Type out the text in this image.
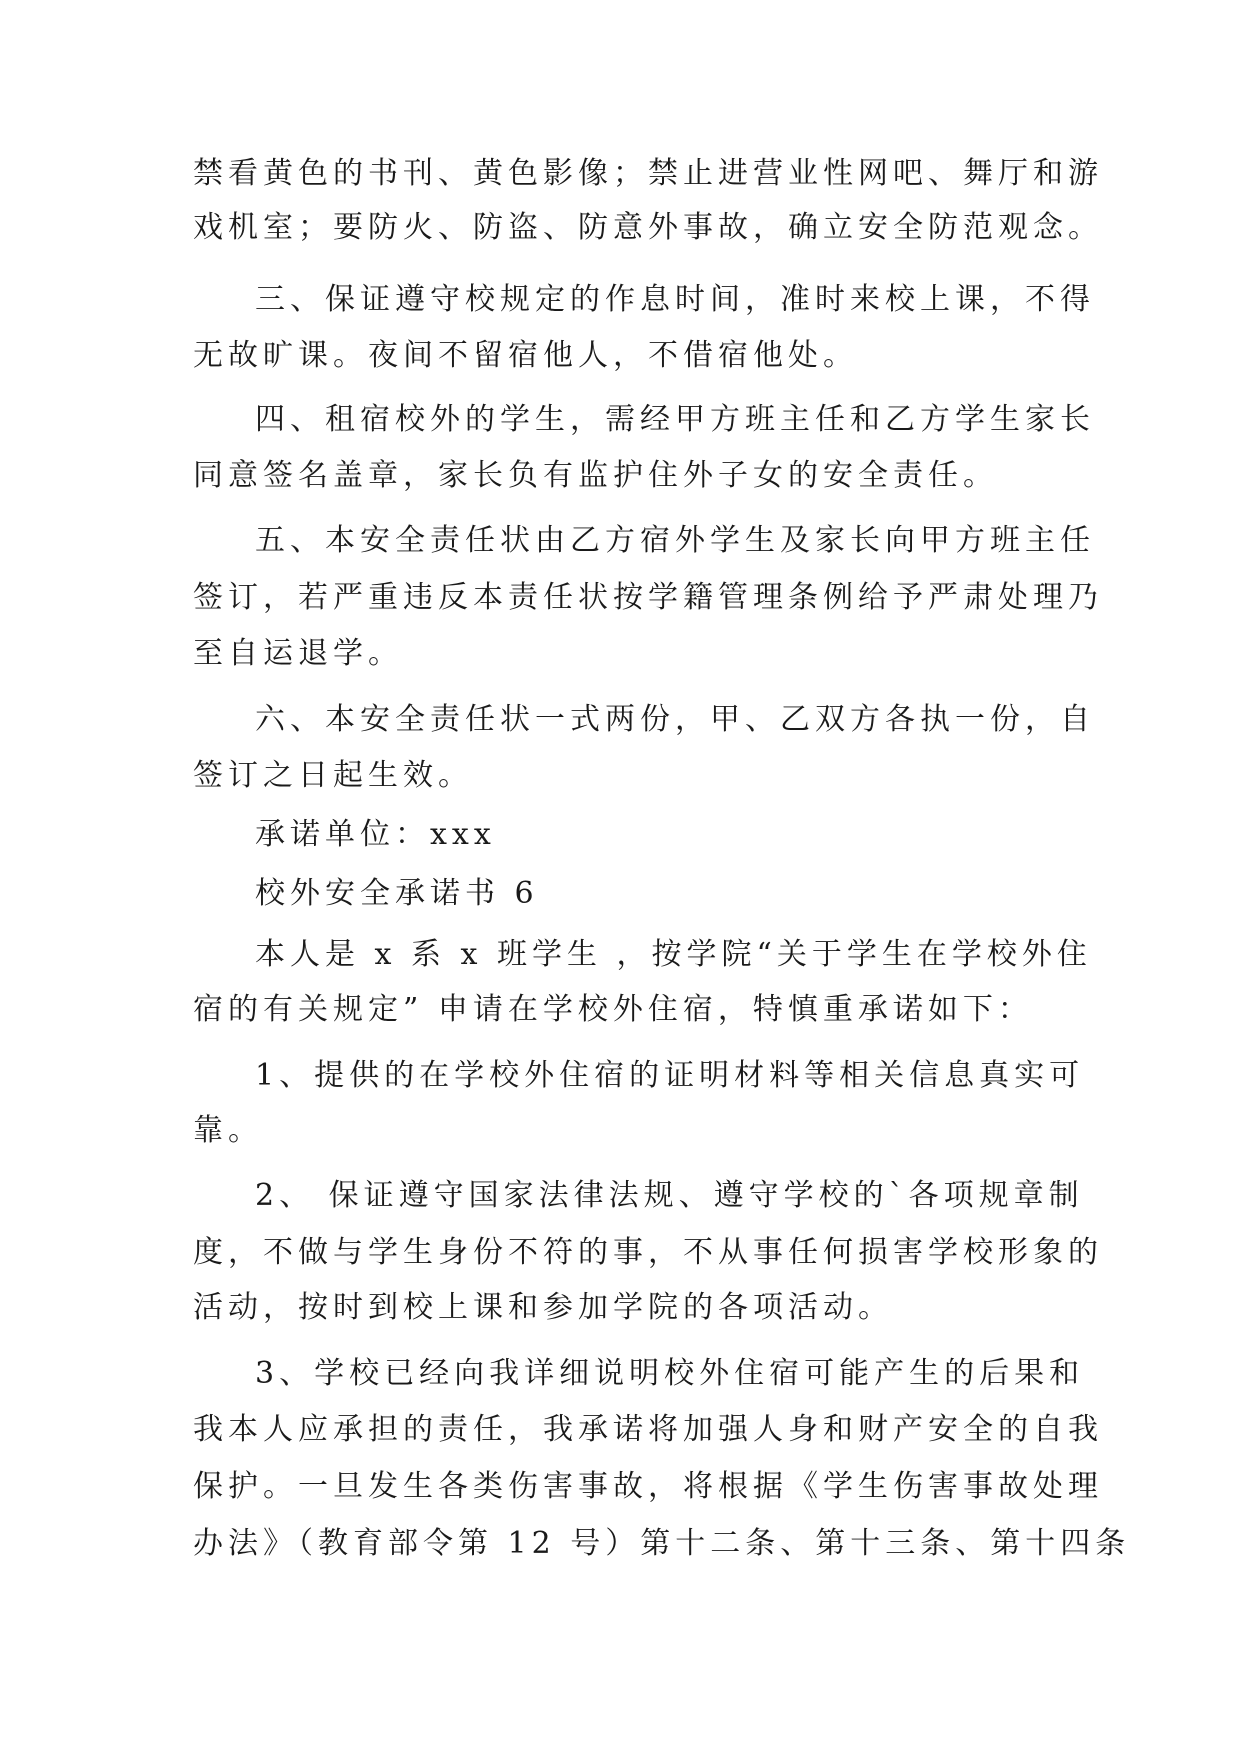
禁看黄色的书刊、黄色影像；禁止进营业性网吧、舞厅和游
戏机室；要防火、防盗、防意外事故，确立安全防范观念。
三、保证遵守校规定的作息时间，准时来校上课，不得
无故旷课。夜间不留宿他人，不借宿他处。
四、租宿校外的学生，需经甲方班主任和乙方学生家长
同意签名盖章，家长负有监护住外子女的安全责任。
五、本安全责任状由乙方宿外学生及家长向甲方班主任
签订，若严重违反本责任状按学籍管理条例给予严肃处理乃
至自运退学。
六、本安全责任状一式两份，甲、乙双方各执一份，自
签订之日起生效。
承诺单位：xxx
校外安全承诺书 6
本人是 x 系 x 班学生 ，按学院“关于学生在学校外住
宿的有关规定” 申请在学校外住宿，特慎重承诺如下：
1、提供的在学校外住宿的证明材料等相关信息真实可
靠。
2、 保证遵守国家法律法规、遵守学校的`各项规章制
度，不做与学生身份不符的事，不从事任何损害学校形象的
活动，按时到校上课和参加学院的各项活动。
3、学校已经向我详细说明校外住宿可能产生的后果和
我本人应承担的责任，我承诺将加强人身和财产安全的自我
保护。一旦发生各类伤害事故，将根据《学生伤害事故处理
办法》（教育部令第 12 号）第十二条、第十三条、第十四条
